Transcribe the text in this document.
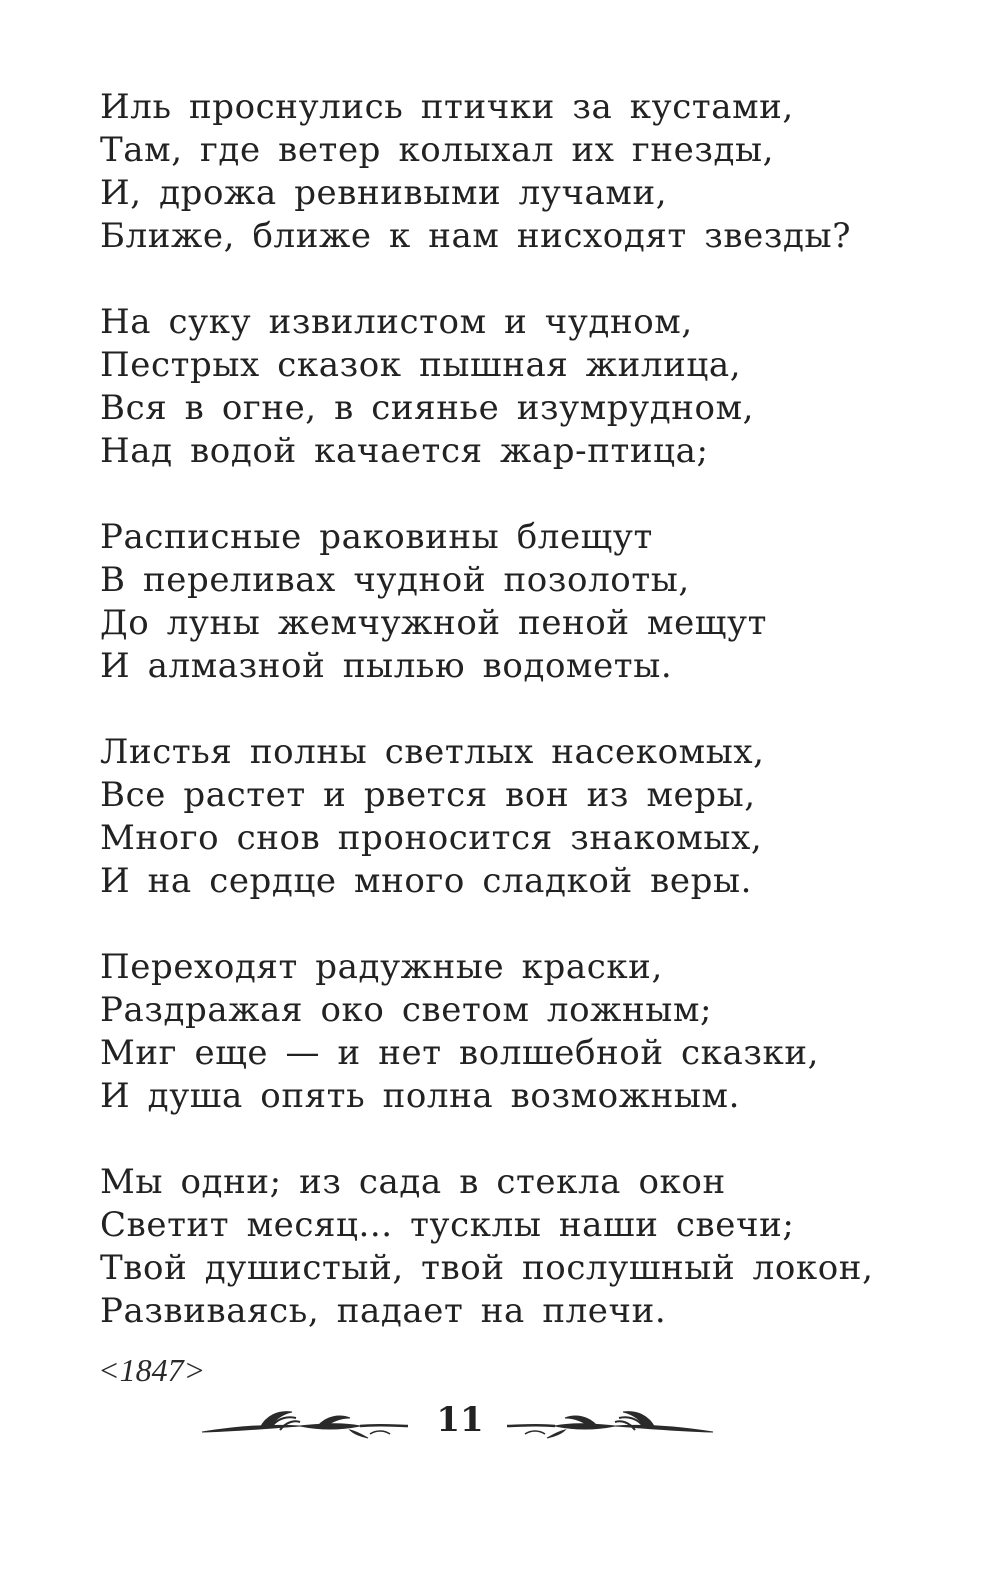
Иль проснулись птички за кустами,
Там, где ветер колыхал их гнезды,
И, дрожа ревнивыми лучами,
Ближе, ближе к нам нисходят звезды?
На суку извилистом и чудном,
Пестрых сказок пышная жилица,
Вся в огне, в сиянье изумрудном,
Над водой качается жар-птица;
Расписные раковины блещут
В переливах чудной позолоты,
До луны жемчужной пеной мещут
И алмазной пылью водометы.
Листья полны светлых насекомых,
Все растет и рвется вон из меры,
Много снов проносится знакомых,
И на сердце много сладкой веры.
Переходят радужные краски,
Раздражая око светом ложным;
Миг еще — и нет волшебной сказки,
И душа опять полна возможным.
Мы одни; из сада в стекла окон
Светит месяц... тусклы наши свечи;
Твой душистый, твой послушный локон,
Развиваясь, падает на плечи.
<1847>
11
